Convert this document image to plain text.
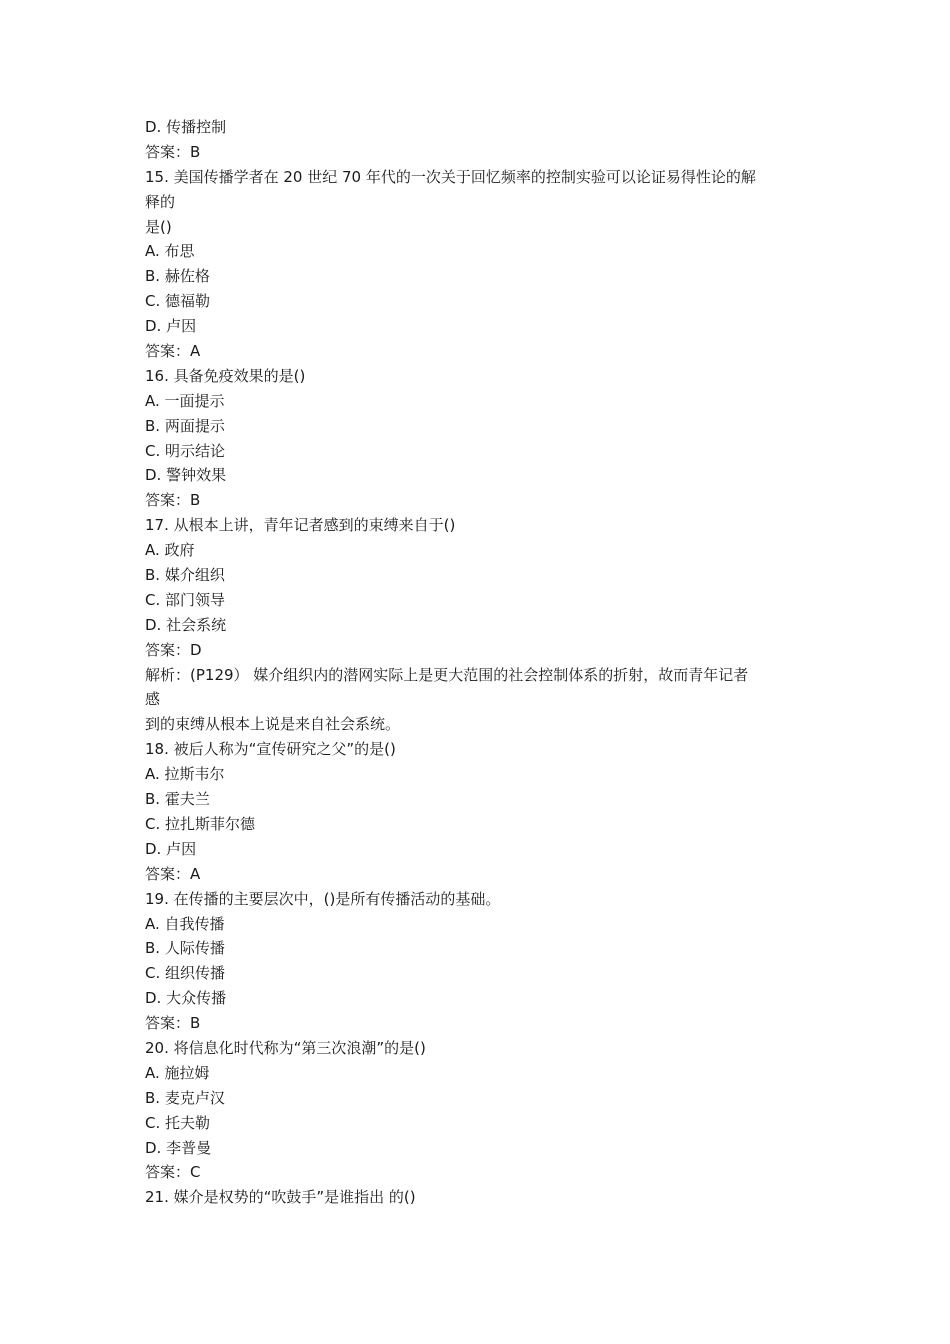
D. 传播控制
答案：B
15. 美国传播学者在 20 世纪 70 年代的一次关于回忆频率的控制实验可以论证易得性论的解
释的
是()
A. 布思
B. 赫佐格
C. 德福勒
D. 卢因
答案：A
16. 具备免疫效果的是()
A. 一面提示
B. 两面提示
C. 明示结论
D. 警钟效果
答案：B
17. 从根本上讲，青年记者感到的束缚来自于()
A. 政府
B. 媒介组织
C. 部门领导
D. 社会系统
答案：D
解析：(P129） 媒介组织内的潜网实际上是更大范围的社会控制体系的折射，故而青年记者
感
到的束缚从根本上说是来自社会系统。
18. 被后人称为“宣传研究之父”的是()
A. 拉斯韦尔
B. 霍夫兰
C. 拉扎斯菲尔德
D. 卢因
答案：A
19. 在传播的主要层次中，()是所有传播活动的基础。
A. 自我传播
B. 人际传播
C. 组织传播
D. 大众传播
答案：B
20. 将信息化时代称为“第三次浪潮”的是()
A. 施拉姆
B. 麦克卢汉
C. 托夫勒
D. 李普曼
答案：C
21. 媒介是权势的“吹鼓手”是谁指出 的()
